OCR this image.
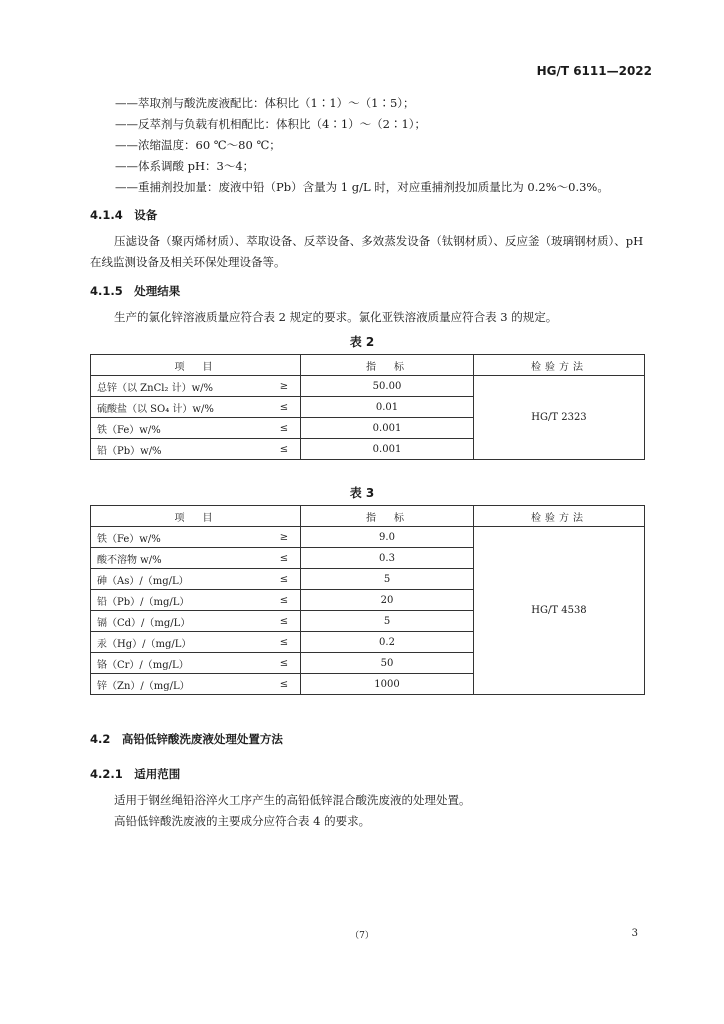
HG/T 6111—2022
——萃取剂与酸洗废液配比：体积比（1∶1）～（1∶5）；
——反萃剂与负载有机相配比：体积比（4∶1）～（2∶1）；
——浓缩温度：60 ℃～80 ℃；
——体系调酸 pH：3～4；
——重捕剂投加量：废液中铅（Pb）含量为 1 g/L 时，对应重捕剂投加质量比为 0.2%～0.3%。
4.1.4　设备
压滤设备（聚丙烯材质）、萃取设备、反萃设备、多效蒸发设备（钛钢材质）、反应釜（玻璃钢材质）、pH 在线监测设备及相关环保处理设备等。
4.1.5　处理结果
生产的氯化锌溶液质量应符合表 2 规定的要求。氯化亚铁溶液质量应符合表 3 的规定。
表 2
项　目		指　标	检验方法
总锌（以 ZnCl₂ 计）w/%	≥	50.00	HG/T 2323
硫酸盐（以 SO₄ 计）w/%	≤	0.01	
铁（Fe）w/%	≤	0.001	
铅（Pb）w/%	≤	0.001	
表 3
项　目		指　标	检验方法
铁（Fe）w/%	≥	9.0	HG/T 4538
酸不溶物 w/%	≤	0.3	
砷（As）/（mg/L）	≤	5	
铅（Pb）/（mg/L）	≤	20	
镉（Cd）/（mg/L）	≤	5	
汞（Hg）/（mg/L）	≤	0.2	
铬（Cr）/（mg/L）	≤	50	
锌（Zn）/（mg/L）	≤	1000	
4.2　高铅低锌酸洗废液处理处置方法
4.2.1　适用范围
适用于钢丝绳铅浴淬火工序产生的高铅低锌混合酸洗废液的处理处置。
高铅低锌酸洗废液的主要成分应符合表 4 的要求。
（7）	3
